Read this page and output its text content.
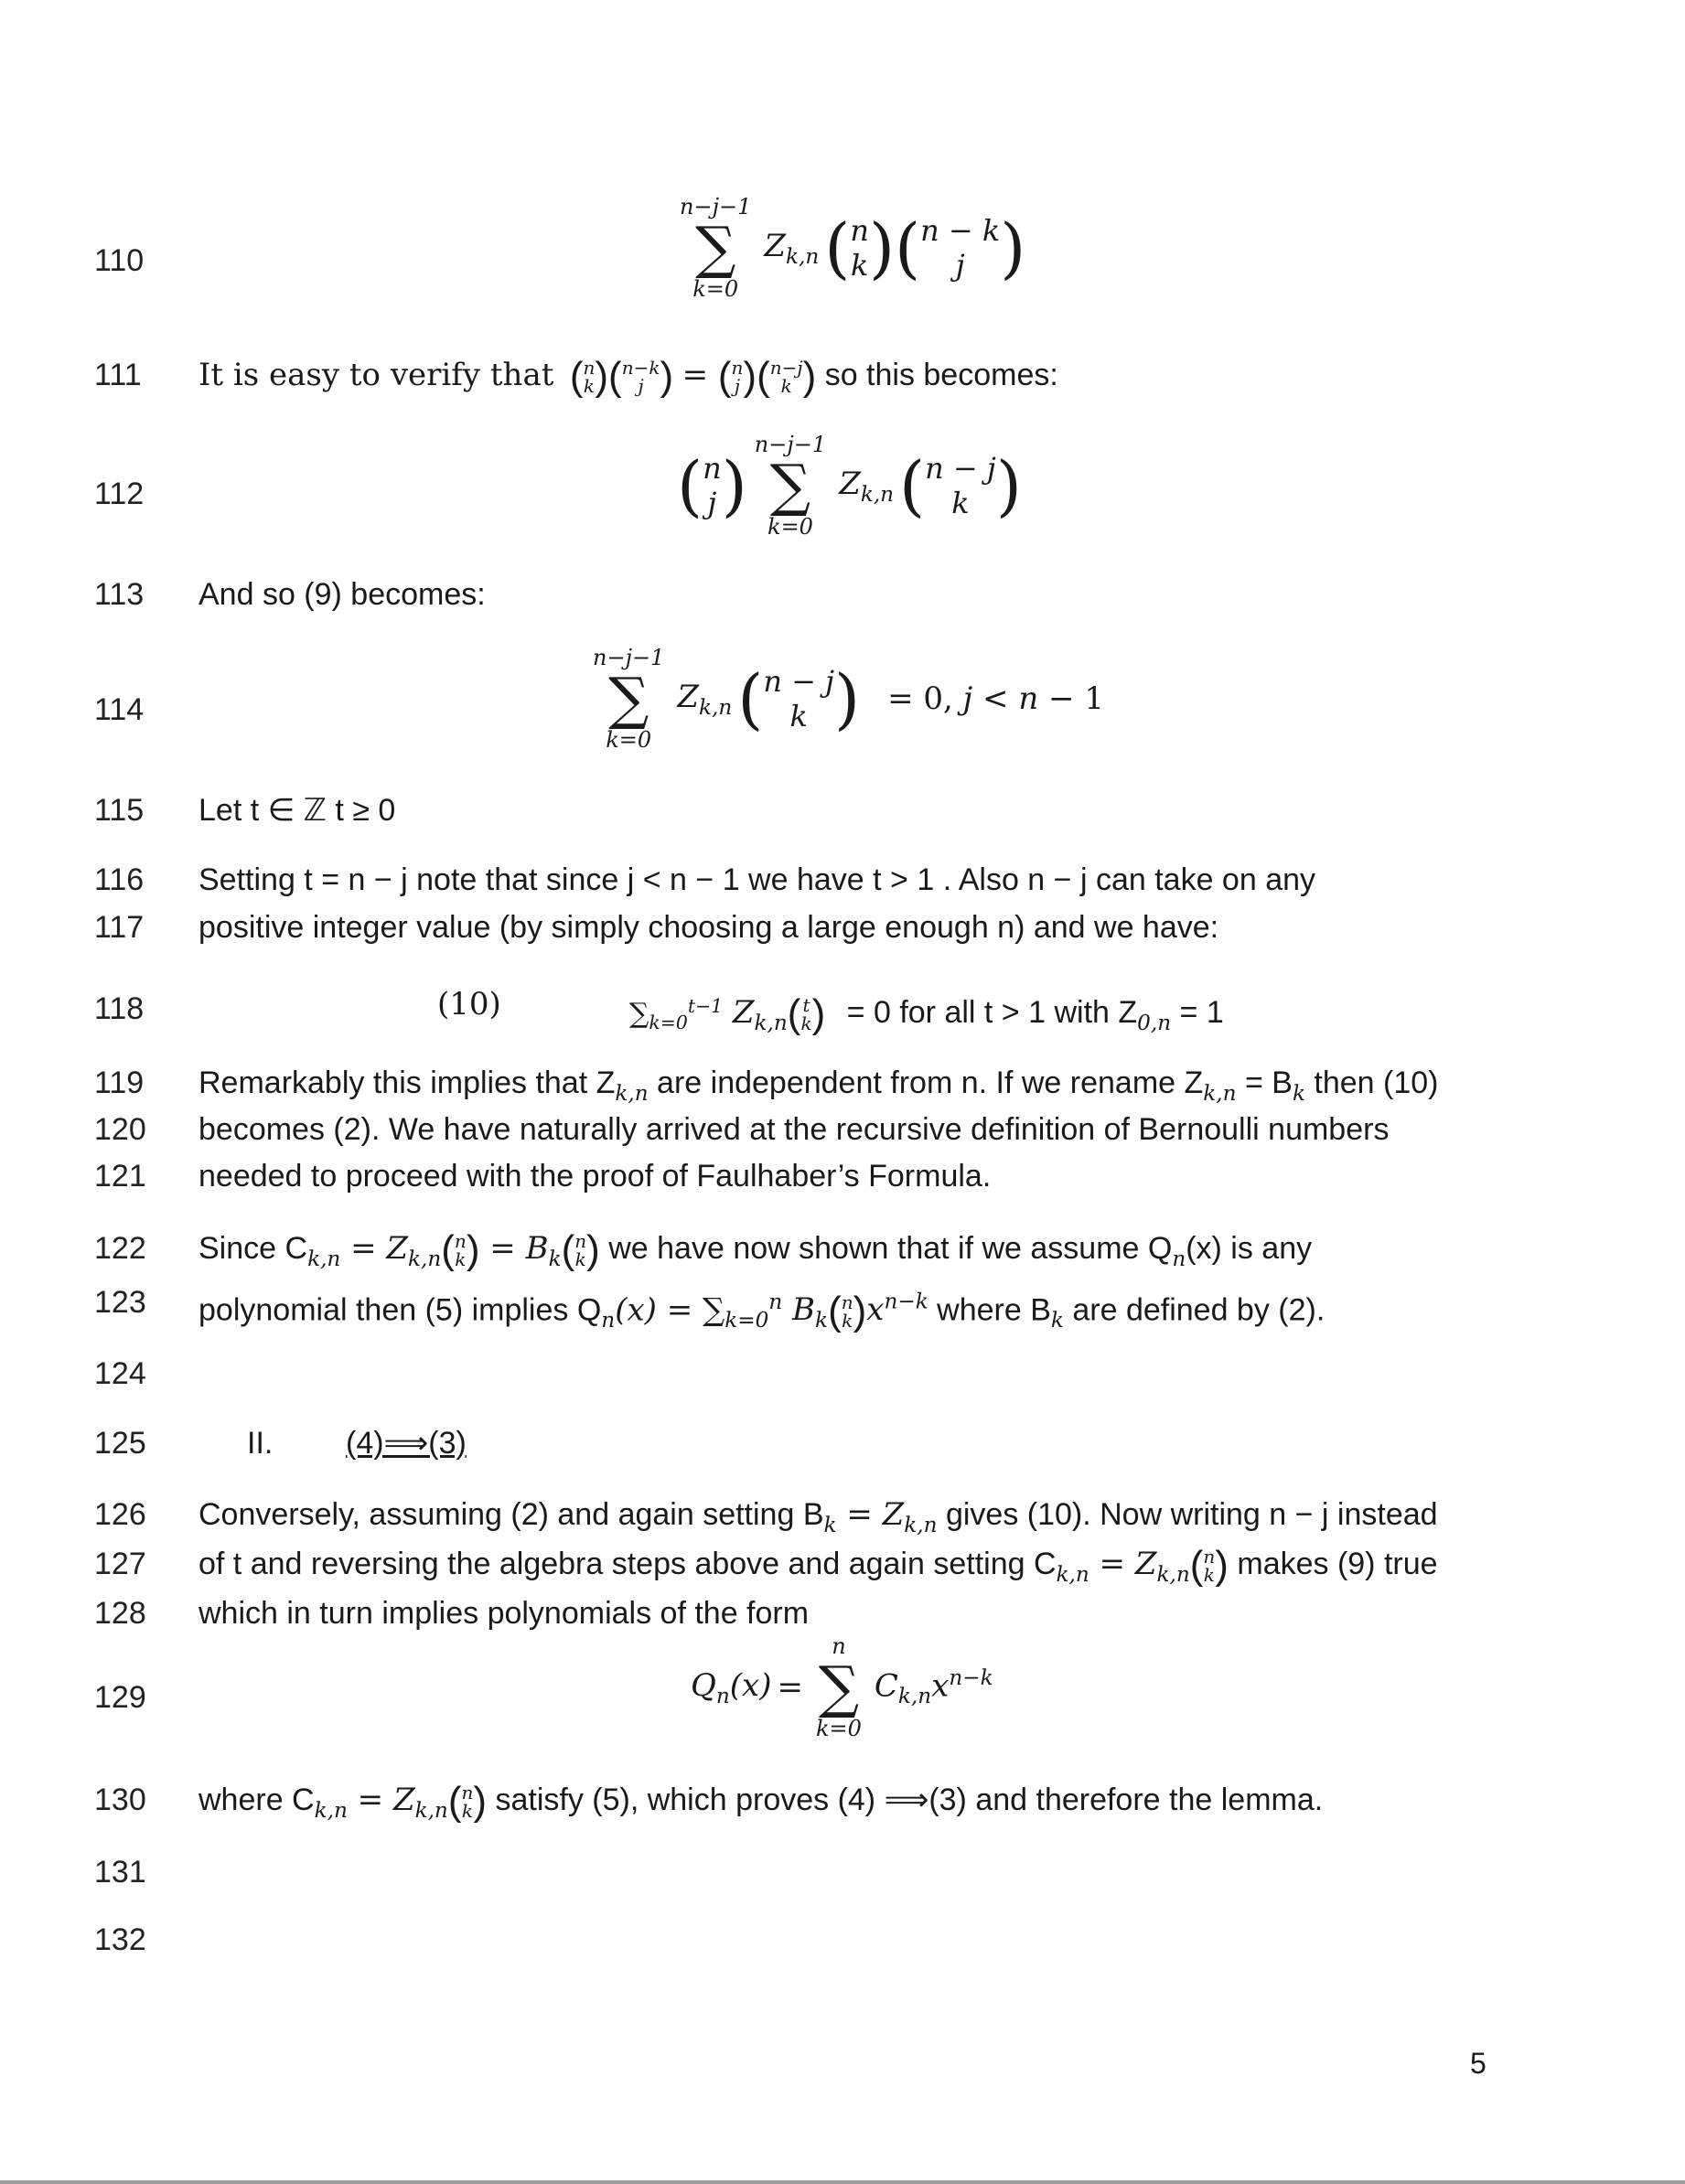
110
111
112
113
114
115
116
117
118
119
120
121
122
123
124
125
126
127
128
129
130
131
132
n−j−1
∑
k=0
$Z_{k,n}$ ( n
k ) ( n − k
j )
It is easy to verify that ( n
k ) ( n−k
j ) = ( n
j ) ( n−j
k ) so this becomes:
( n
j )
n−j−1
∑
k=0
$Z_{k,n}$ ( n − j
k )
And so (9) becomes:
n−j−1
∑
k=0
$Z_{k,n}$ ( n − j
k ) = 0, j < n − 1
Let t ∈ ℤ t ≥ 0
Setting t = n − j note that since j < n − 1 we have t > 1 . Also n − j can take on any
positive integer value (by simply choosing a large enough n) and we have:
(10)	$\sum_{k=0}^{t-1}$ $Z_{k,n}$ ( t
k ) = 0 for all t > 1 with $Z_{0,n} = 1$
Remarkably this implies that $Z_{k,n}$ are independent from n. If we rename $Z_{k,n} = B_k$ then (10)
becomes (2). We have naturally arrived at the recursive definition of Bernoulli numbers
needed to proceed with the proof of Faulhaber’s Formula.
Since $C_{k,n} = Z_{k,n}$ ( n
k ) = $B_k$ ( n
k ) we have now shown that if we assume $Q_n(x)$ is any
polynomial then (5) implies $Q_n(x) = \sum_{k=0}^n$ $B_k$ ( n
k ) $x^{n-k}$ where $B_k$ are defined by (2).
II. (4)⟹(3)
Conversely, assuming (2) and again setting $B_k = Z_{k,n}$ gives (10). Now writing n − j instead
of t and reversing the algebra steps above and again setting $C_{k,n} = Z_{k,n}$ ( n
k ) makes (9) true
which in turn implies polynomials of the form
$Q_n(x)$ =
n
∑
k=0
$C_{k,n}x^{n-k}$
where $C_{k,n} = Z_{k,n}$ ( n
k ) satisfy (5), which proves (4) ⟹(3) and therefore the lemma.
5
